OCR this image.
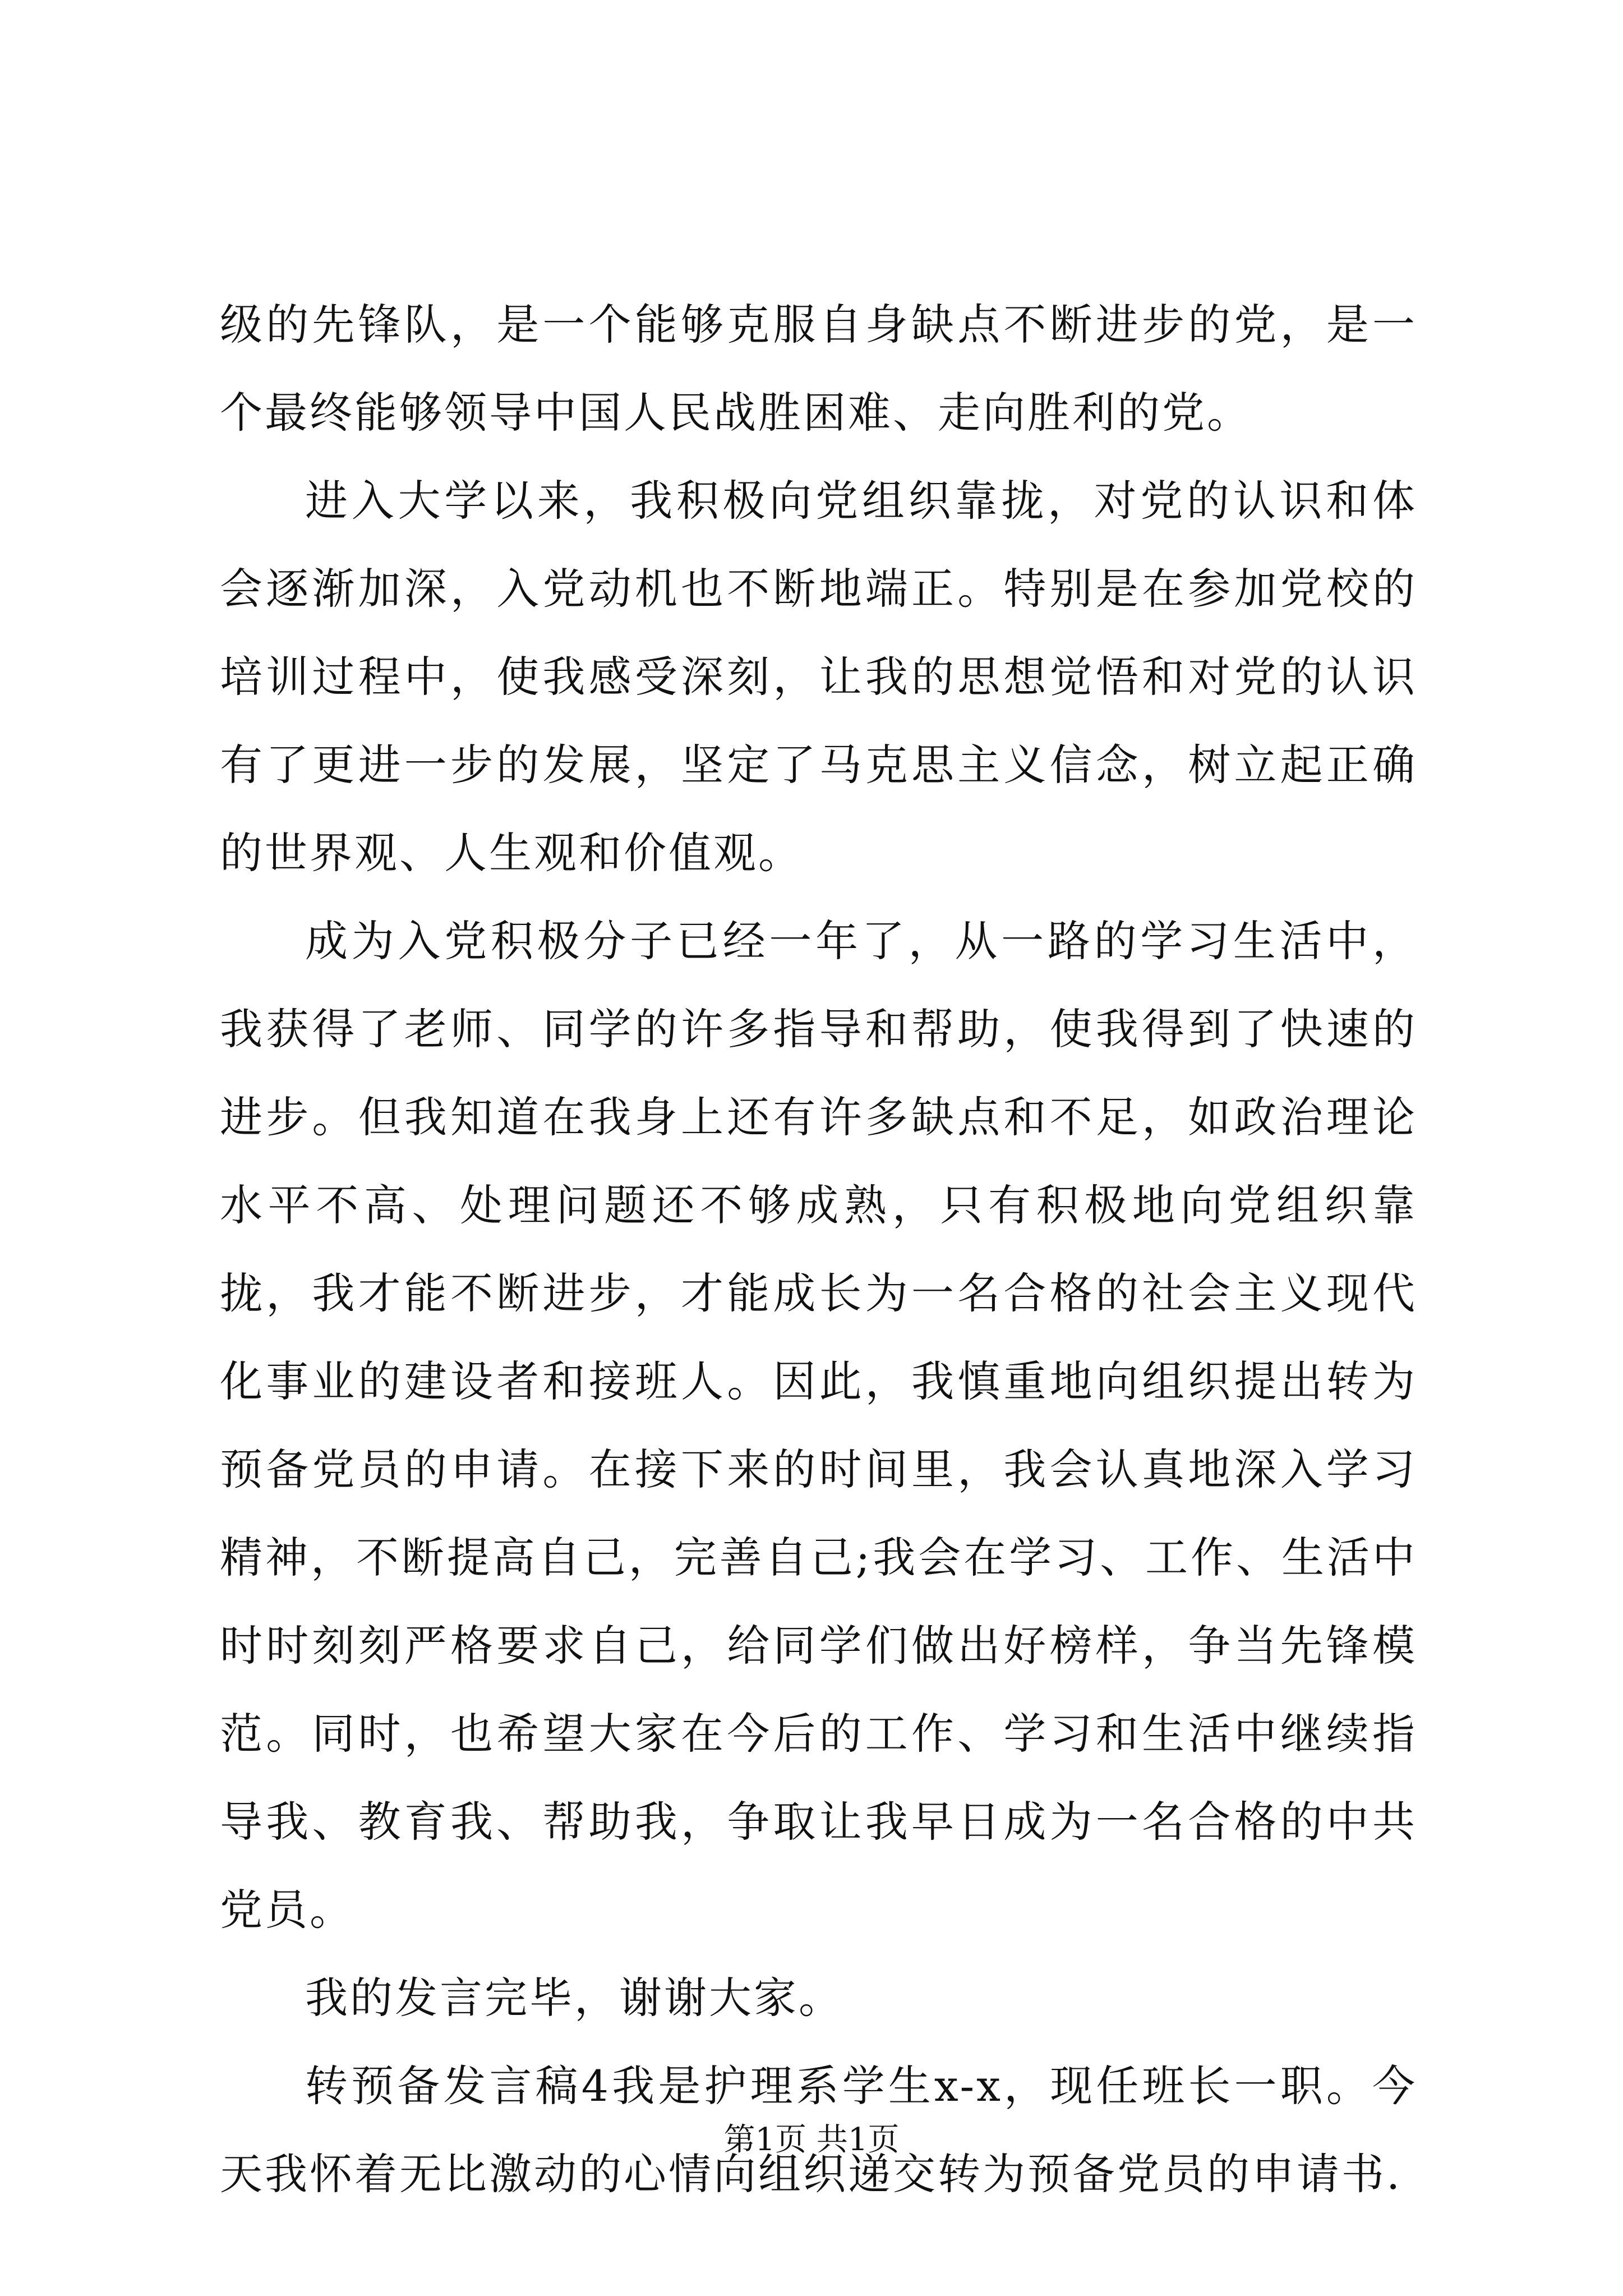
级的先锋队，是一个能够克服自身缺点不断进步的党，是一个最终能够领导中国人民战胜困难、走向胜利的党。

进入大学以来，我积极向党组织靠拢，对党的认识和体会逐渐加深，入党动机也不断地端正。特别是在参加党校的培训过程中，使我感受深刻，让我的思想觉悟和对党的认识有了更进一步的发展，坚定了马克思主义信念，树立起正确的世界观、人生观和价值观。

成为入党积极分子已经一年了，从一路的学习生活中，我获得了老师、同学的许多指导和帮助，使我得到了快速的进步。但我知道在我身上还有许多缺点和不足，如政治理论水平不高、处理问题还不够成熟，只有积极地向党组织靠拢，我才能不断进步，才能成长为一名合格的社会主义现代化事业的建设者和接班人。因此，我慎重地向组织提出转为预备党员的申请。在接下来的时间里，我会认真地深入学习精神，不断提高自己，完善自己;我会在学习、工作、生活中时时刻刻严格要求自己，给同学们做出好榜样，争当先锋模范。同时，也希望大家在今后的工作、学习和生活中继续指导我、教育我、帮助我，争取让我早日成为一名合格的中共党员。

我的发言完毕，谢谢大家。

转预备发言稿4我是护理系学生x-x，现任班长一职。今天我怀着无比激动的心情向组织递交转为预备党员的申请书.

第1页 共1页
